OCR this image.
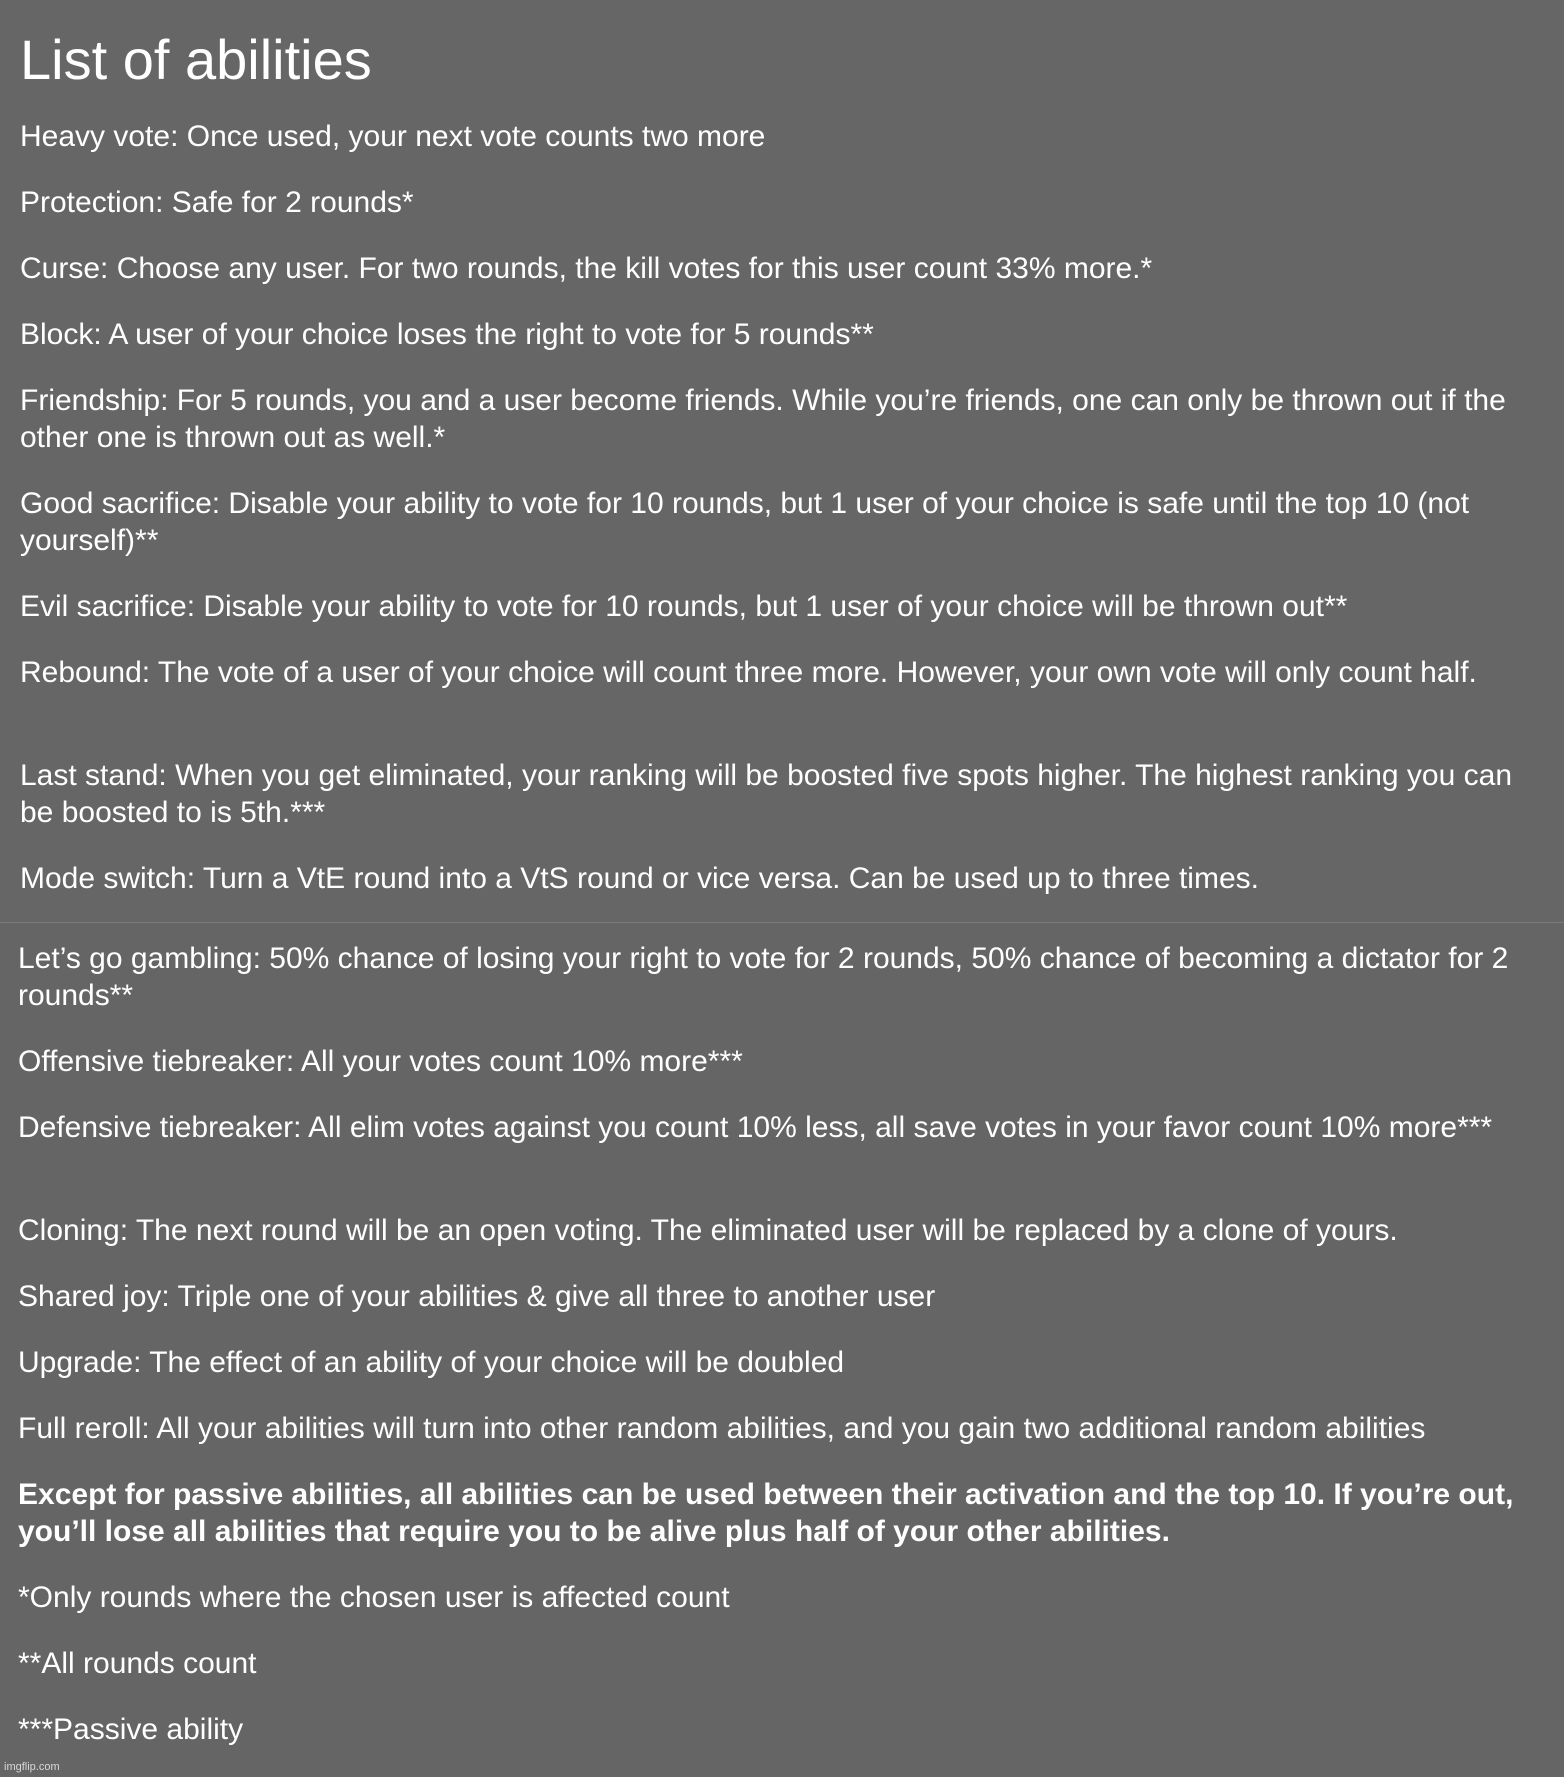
List of abilities

Heavy vote: Once used, your next vote counts two more

Protection: Safe for 2 rounds*

Curse: Choose any user. For two rounds, the kill votes for this user count 33% more.*

Block: A user of your choice loses the right to vote for 5 rounds**

Friendship: For 5 rounds, you and a user become friends. While you’re friends, one can only be thrown out if the other one is thrown out as well.*

Good sacrifice: Disable your ability to vote for 10 rounds, but 1 user of your choice is safe until the top 10 (not yourself)**

Evil sacrifice: Disable your ability to vote for 10 rounds, but 1 user of your choice will be thrown out**

Rebound: The vote of a user of your choice will count three more. However, your own vote will only count half.

Last stand: When you get eliminated, your ranking will be boosted five spots higher. The highest ranking you can be boosted to is 5th.***

Mode switch: Turn a VtE round into a VtS round or vice versa. Can be used up to three times.

Let’s go gambling: 50% chance of losing your right to vote for 2 rounds, 50% chance of becoming a dictator for 2 rounds**

Offensive tiebreaker: All your votes count 10% more***

Defensive tiebreaker: All elim votes against you count 10% less, all save votes in your favor count 10% more***

Cloning: The next round will be an open voting. The eliminated user will be replaced by a clone of yours.

Shared joy: Triple one of your abilities & give all three to another user

Upgrade: The effect of an ability of your choice will be doubled

Full reroll: All your abilities will turn into other random abilities, and you gain two additional random abilities

Except for passive abilities, all abilities can be used between their activation and the top 10. If you’re out, you’ll lose all abilities that require you to be alive plus half of your other abilities.

*Only rounds where the chosen user is affected count

**All rounds count

***Passive ability

imgflip.com
